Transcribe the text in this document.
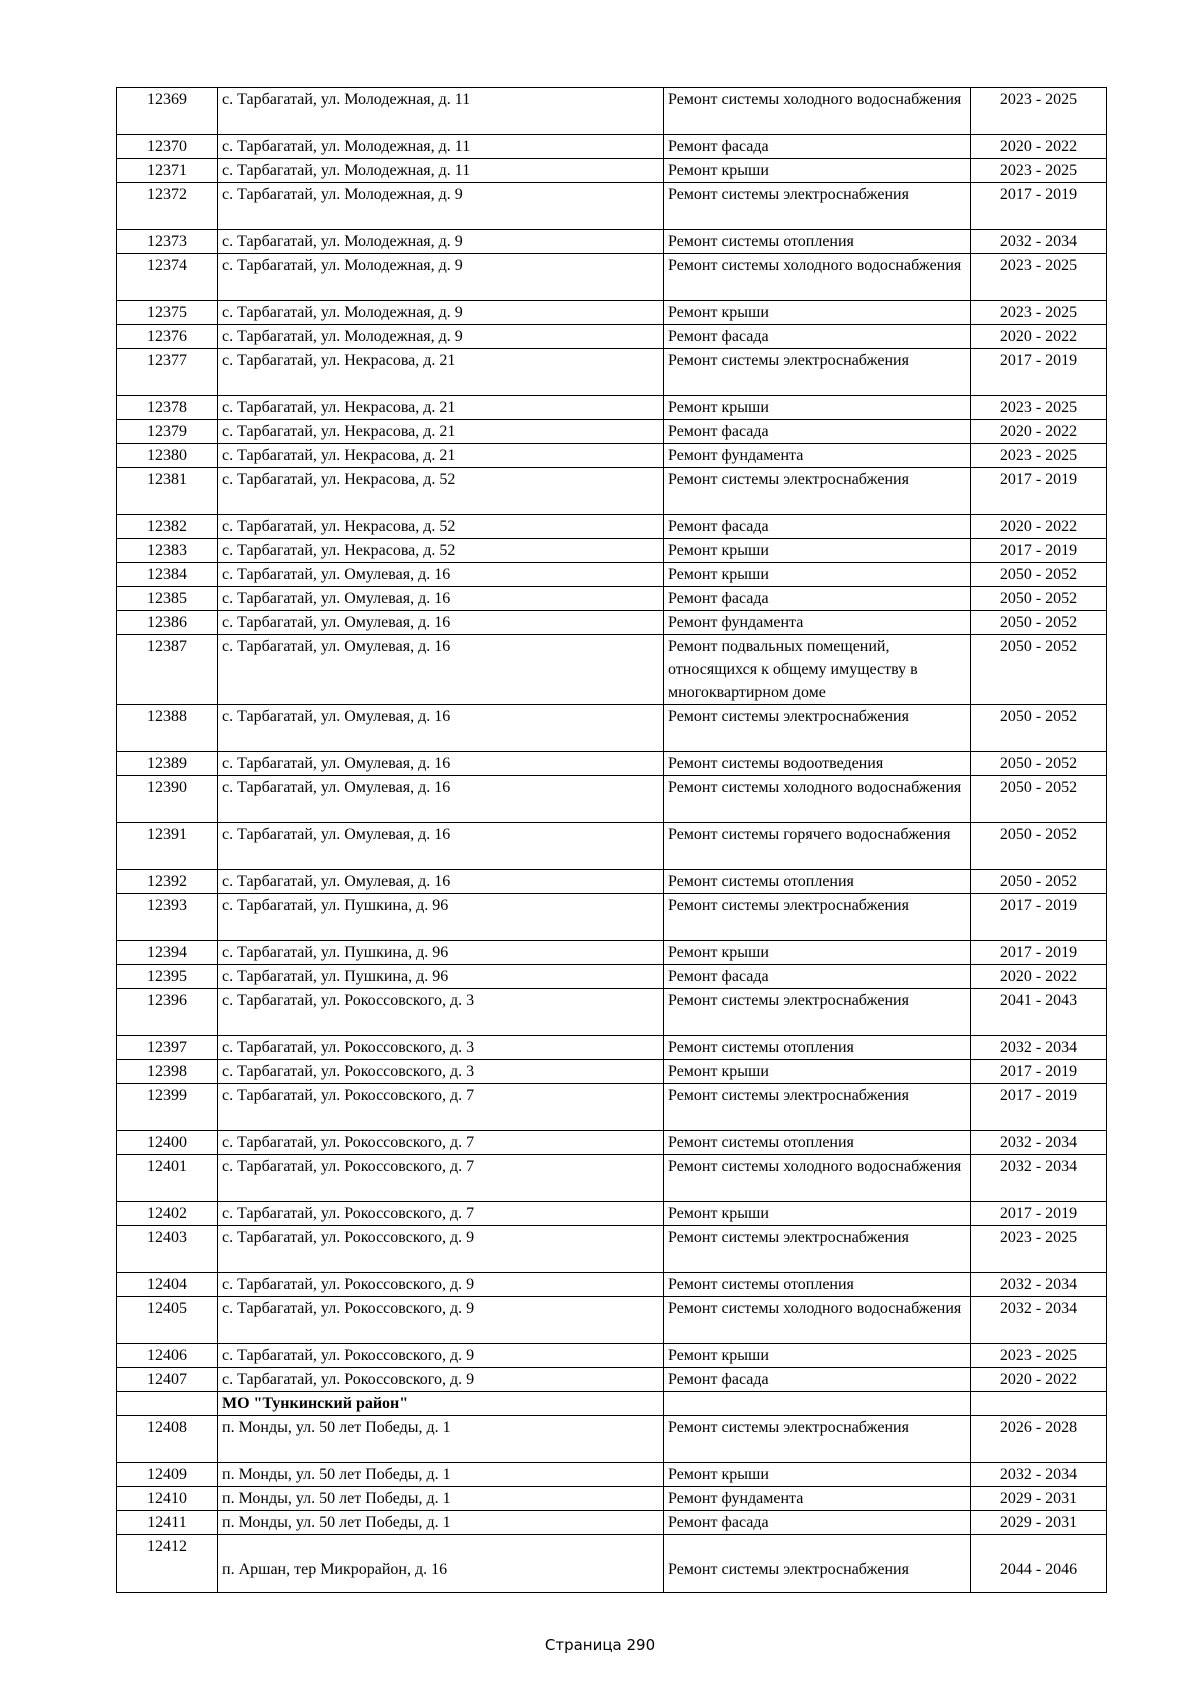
12369	с. Тарбагатай, ул. Молодежная, д. 11	Ремонт системы холодного водоснабжения	2023 - 2025
12370	с. Тарбагатай, ул. Молодежная, д. 11	Ремонт фасада	2020 - 2022
12371	с. Тарбагатай, ул. Молодежная, д. 11	Ремонт крыши	2023 - 2025
12372	с. Тарбагатай, ул. Молодежная, д. 9	Ремонт системы электроснабжения	2017 - 2019
12373	с. Тарбагатай, ул. Молодежная, д. 9	Ремонт системы отопления	2032 - 2034
12374	с. Тарбагатай, ул. Молодежная, д. 9	Ремонт системы холодного водоснабжения	2023 - 2025
12375	с. Тарбагатай, ул. Молодежная, д. 9	Ремонт крыши	2023 - 2025
12376	с. Тарбагатай, ул. Молодежная, д. 9	Ремонт фасада	2020 - 2022
12377	с. Тарбагатай, ул. Некрасова, д. 21	Ремонт системы электроснабжения	2017 - 2019
12378	с. Тарбагатай, ул. Некрасова, д. 21	Ремонт крыши	2023 - 2025
12379	с. Тарбагатай, ул. Некрасова, д. 21	Ремонт фасада	2020 - 2022
12380	с. Тарбагатай, ул. Некрасова, д. 21	Ремонт фундамента	2023 - 2025
12381	с. Тарбагатай, ул. Некрасова, д. 52	Ремонт системы электроснабжения	2017 - 2019
12382	с. Тарбагатай, ул. Некрасова, д. 52	Ремонт фасада	2020 - 2022
12383	с. Тарбагатай, ул. Некрасова, д. 52	Ремонт крыши	2017 - 2019
12384	с. Тарбагатай, ул. Омулевая, д. 16	Ремонт крыши	2050 - 2052
12385	с. Тарбагатай, ул. Омулевая, д. 16	Ремонт фасада	2050 - 2052
12386	с. Тарбагатай, ул. Омулевая, д. 16	Ремонт фундамента	2050 - 2052
12387	с. Тарбагатай, ул. Омулевая, д. 16	Ремонт подвальных помещений, относящихся к общему имуществу в многоквартирном доме	2050 - 2052
12388	с. Тарбагатай, ул. Омулевая, д. 16	Ремонт системы электроснабжения	2050 - 2052
12389	с. Тарбагатай, ул. Омулевая, д. 16	Ремонт системы водоотведения	2050 - 2052
12390	с. Тарбагатай, ул. Омулевая, д. 16	Ремонт системы холодного водоснабжения	2050 - 2052
12391	с. Тарбагатай, ул. Омулевая, д. 16	Ремонт системы горячего водоснабжения	2050 - 2052
12392	с. Тарбагатай, ул. Омулевая, д. 16	Ремонт системы отопления	2050 - 2052
12393	с. Тарбагатай, ул. Пушкина, д. 96	Ремонт системы электроснабжения	2017 - 2019
12394	с. Тарбагатай, ул. Пушкина, д. 96	Ремонт крыши	2017 - 2019
12395	с. Тарбагатай, ул. Пушкина, д. 96	Ремонт фасада	2020 - 2022
12396	с. Тарбагатай, ул. Рокоссовского, д. 3	Ремонт системы электроснабжения	2041 - 2043
12397	с. Тарбагатай, ул. Рокоссовского, д. 3	Ремонт системы отопления	2032 - 2034
12398	с. Тарбагатай, ул. Рокоссовского, д. 3	Ремонт крыши	2017 - 2019
12399	с. Тарбагатай, ул. Рокоссовского, д. 7	Ремонт системы электроснабжения	2017 - 2019
12400	с. Тарбагатай, ул. Рокоссовского, д. 7	Ремонт системы отопления	2032 - 2034
12401	с. Тарбагатай, ул. Рокоссовского, д. 7	Ремонт системы холодного водоснабжения	2032 - 2034
12402	с. Тарбагатай, ул. Рокоссовского, д. 7	Ремонт крыши	2017 - 2019
12403	с. Тарбагатай, ул. Рокоссовского, д. 9	Ремонт системы электроснабжения	2023 - 2025
12404	с. Тарбагатай, ул. Рокоссовского, д. 9	Ремонт системы отопления	2032 - 2034
12405	с. Тарбагатай, ул. Рокоссовского, д. 9	Ремонт системы холодного водоснабжения	2032 - 2034
12406	с. Тарбагатай, ул. Рокоссовского, д. 9	Ремонт крыши	2023 - 2025
12407	с. Тарбагатай, ул. Рокоссовского, д. 9	Ремонт фасада	2020 - 2022
	МО "Тункинский район"		
12408	п. Монды, ул. 50 лет Победы, д. 1	Ремонт системы электроснабжения	2026 - 2028
12409	п. Монды, ул. 50 лет Победы, д. 1	Ремонт крыши	2032 - 2034
12410	п. Монды, ул. 50 лет Победы, д. 1	Ремонт фундамента	2029 - 2031
12411	п. Монды, ул. 50 лет Победы, д. 1	Ремонт фасада	2029 - 2031
12412	п. Аршан, тер Микрорайон, д. 16	Ремонт системы электроснабжения	2044 - 2046
Страница 290
